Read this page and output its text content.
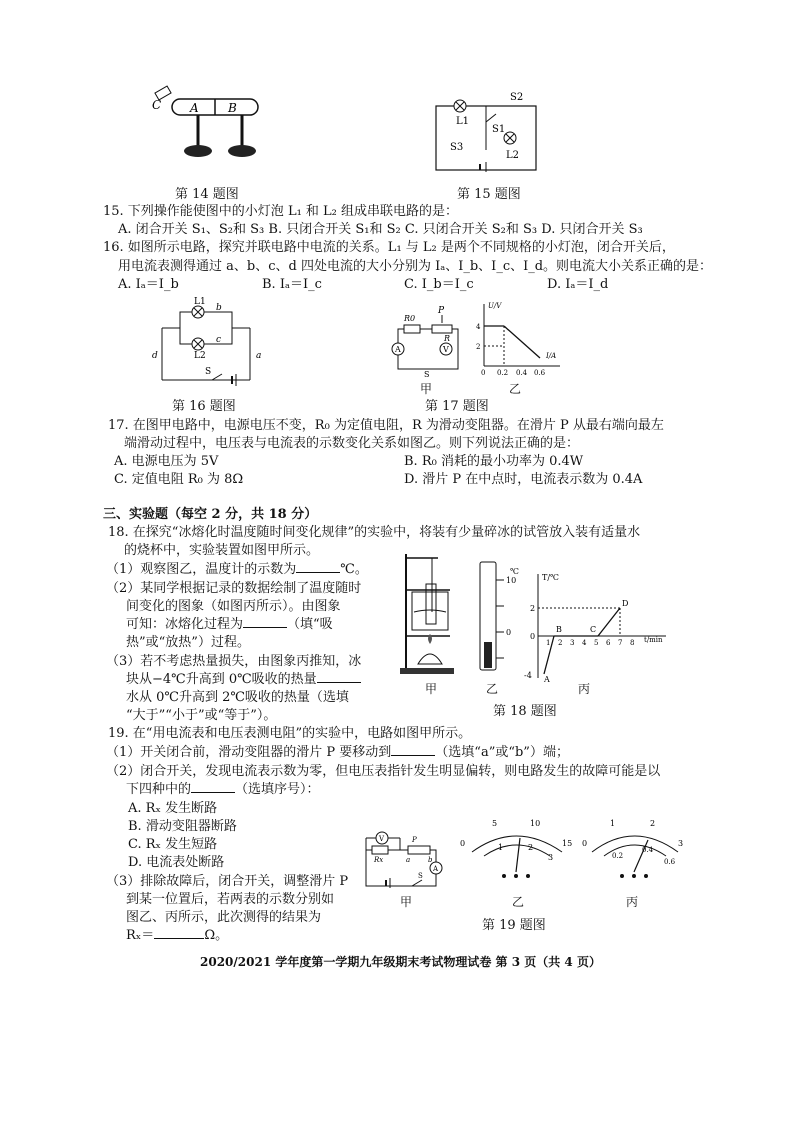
C A B
第 14 题图
S2
L1
S1
S3
L2
第 15 题图
15. 下列操作能使图中的小灯泡 L₁ 和 L₂ 组成串联电路的是：
A. 闭合开关 S₁、S₂和 S₃ B. 只闭合开关 S₁和 S₂ C. 只闭合开关 S₂和 S₃ D. 只闭合开关 S₃
16. 如图所示电路，探究并联电路中电流的关系。L₁ 与 L₂ 是两个不同规格的小灯泡，闭合开关后，
用电流表测得通过 a、b、c、d 四处电流的大小分别为 Iₐ、I_b、I_c、I_d。则电流大小关系正确的是：
A. Iₐ＝I_b	B. Iₐ＝I_c	C. I_b＝I_c	D. Iₐ＝I_d
L1
b
c
L2
d	a
S
第 16 题图
P
R0
R
A	V
S
甲
U/V
I/A
4
2
0 0.2 0.4 0.6
乙
第 17 题图
17. 在图甲电路中，电源电压不变，R₀ 为定值电阻，R 为滑动变阻器。在滑片 P 从最右端向最左
端滑动过程中，电压表与电流表的示数变化关系如图乙。则下列说法正确的是：
A. 电源电压为 5V	B. R₀ 消耗的最小功率为 0.4W
C. 定值电阻 R₀ 为 8Ω	D. 滑片 P 在中点时，电流表示数为 0.4A
三、实验题（每空 2 分，共 18 分）
18. 在探究“冰熔化时温度随时间变化规律”的实验中，将装有少量碎冰的试管放入装有适量水
的烧杯中，实验装置如图甲所示。
（1）观察图乙，温度计的示数为	℃。
（2）某同学根据记录的数据绘制了温度随时
间变化的图象（如图丙所示）。由图象
可知：冰熔化过程为	（填“吸
热”或“放热”）过程。
（3）若不考虑热量损失，由图象丙推知，冰
块从−4℃升高到 0℃吸收的热量
水从 0℃升高到 2℃吸收的热量（选填
“大于”“小于”或“等于”）。
甲
℃
10
0
乙
T/℃
t/min
2
0
-4
1 2 3 4 5 6 7 8
A
B	C
D
丙
第 18 题图
19. 在“用电流表和电压表测电阻”的实验中，电路如图甲所示。
（1）开关闭合前，滑动变阻器的滑片 P 要移动到	（选填“a”或“b”）端；
（2）闭合开关，发现电流表示数为零，但电压表指针发生明显偏转，则电路发生的故障可能是以
下四种中的	（选填序号）：
A. Rₓ 发生断路
B. 滑动变阻器断路
C. Rₓ 发生短路
D. 电流表处断路
（3）排除故障后，闭合开关，调整滑片 P
到某一位置后，若两表的示数分别如
图乙、丙所示，此次测得的结果为
Rₓ＝	Ω。
V
Rx
P
a	b
A
S
甲
0
5	10
15
1	2
3
乙
0
1	2
3
0.2
0.4
0.6
丙
第 19 题图
2020/2021 学年度第一学期九年级期末考试物理试卷 第 3 页（共 4 页）
